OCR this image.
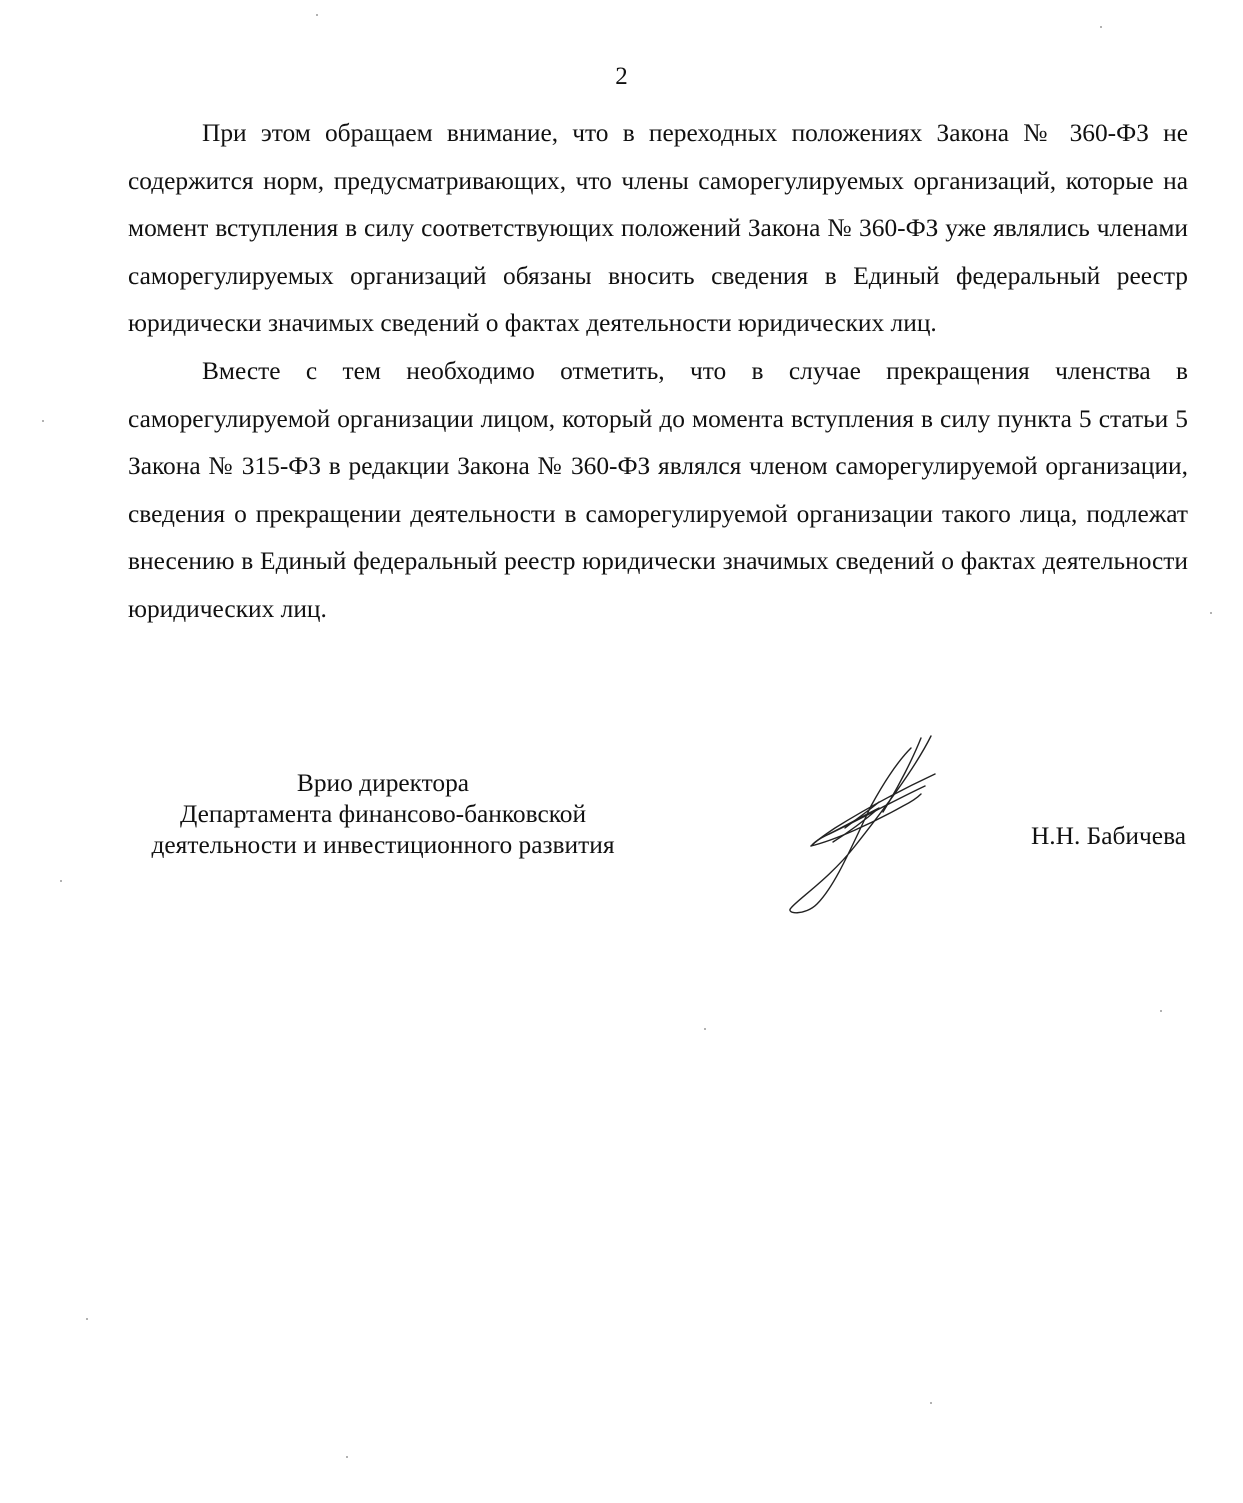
2

При этом обращаем внимание, что в переходных положениях Закона № 360-ФЗ не содержится норм, предусматривающих, что члены саморегулируемых организаций, которые на момент вступления в силу соответствующих положений Закона № 360-ФЗ уже являлись членами саморегулируемых организаций обязаны вносить сведения в Единый федеральный реестр юридически значимых сведений о фактах деятельности юридических лиц.

Вместе с тем необходимо отметить, что в случае прекращения членства в саморегулируемой организации лицом, который до момента вступления в силу пункта 5 статьи 5 Закона № 315-ФЗ в редакции Закона № 360-ФЗ являлся членом саморегулируемой организации, сведения о прекращении деятельности в саморегулируемой организации такого лица, подлежат внесению в Единый федеральный реестр юридически значимых сведений о фактах деятельности юридических лиц.

Врио директора
Департамента финансово-банковской
деятельности и инвестиционного развития	Н.Н. Бабичева
